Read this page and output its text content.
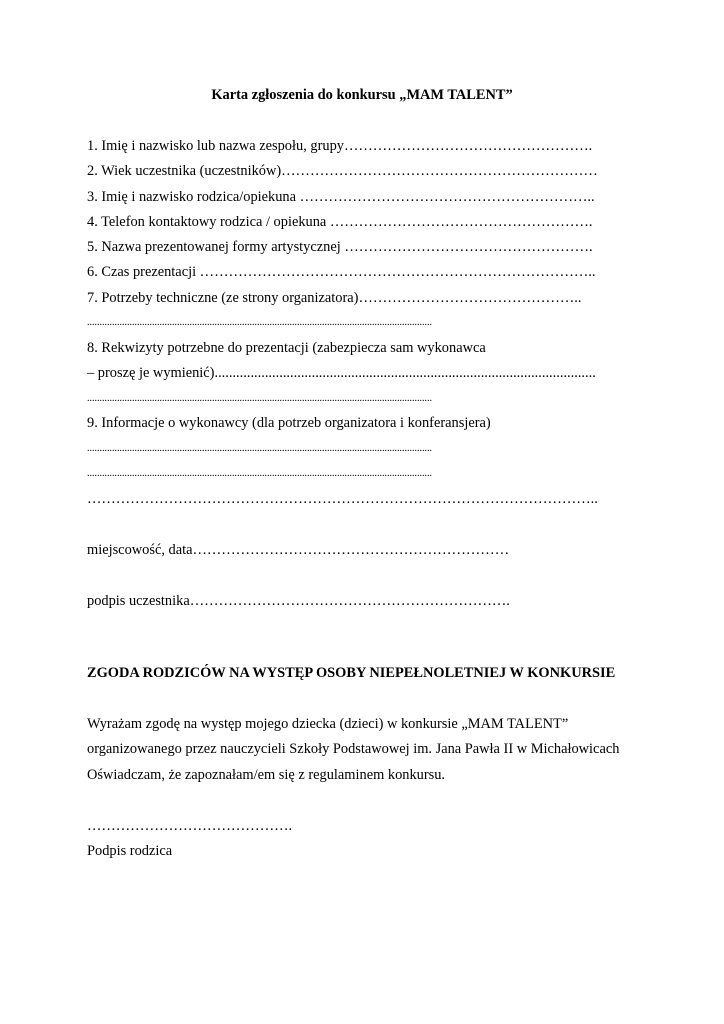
Karta zgłoszenia do konkursu „MAM TALENT”
1. Imię i nazwisko lub nazwa zespołu, grupy…………………………………………….
2. Wiek uczestnika (uczestników)…………………………………………………………
3. Imię i nazwisko rodzica/opiekuna ……………………………………………………..
4. Telefon kontaktowy rodzica / opiekuna ……………………………………………….
5. Nazwa prezentowanej formy artystycznej …………………………………………….
6. Czas prezentacji ………………………………………………………………………..
7. Potrzeby techniczne (ze strony organizatora)………………………………………..
..........................................................................................................................................
8. Rekwizyty potrzebne do prezentacji (zabezpiecza sam wykonawca
– proszę je wymienić)..........................................................................................................
..........................................................................................................................................
9. Informacje o wykonawcy (dla potrzeb organizatora i konferansjera)
..........................................................................................................................................
..........................................................................................................................................
……………………………………………………………………………………………..
miejscowość, data…………………………………………………………
podpis uczestnika………………………………………………………….
ZGODA RODZICÓW NA WYSTĘP OSOBY NIEPEŁNOLETNIEJ W KONKURSIE
Wyrażam zgodę na występ mojego dziecka (dzieci) w konkursie „MAM TALENT”
organizowanego przez nauczycieli Szkoły Podstawowej im. Jana Pawła II w Michałowicach
Oświadczam, że zapoznałam/em się z regulaminem konkursu.
…………………………………….
Podpis rodzica
